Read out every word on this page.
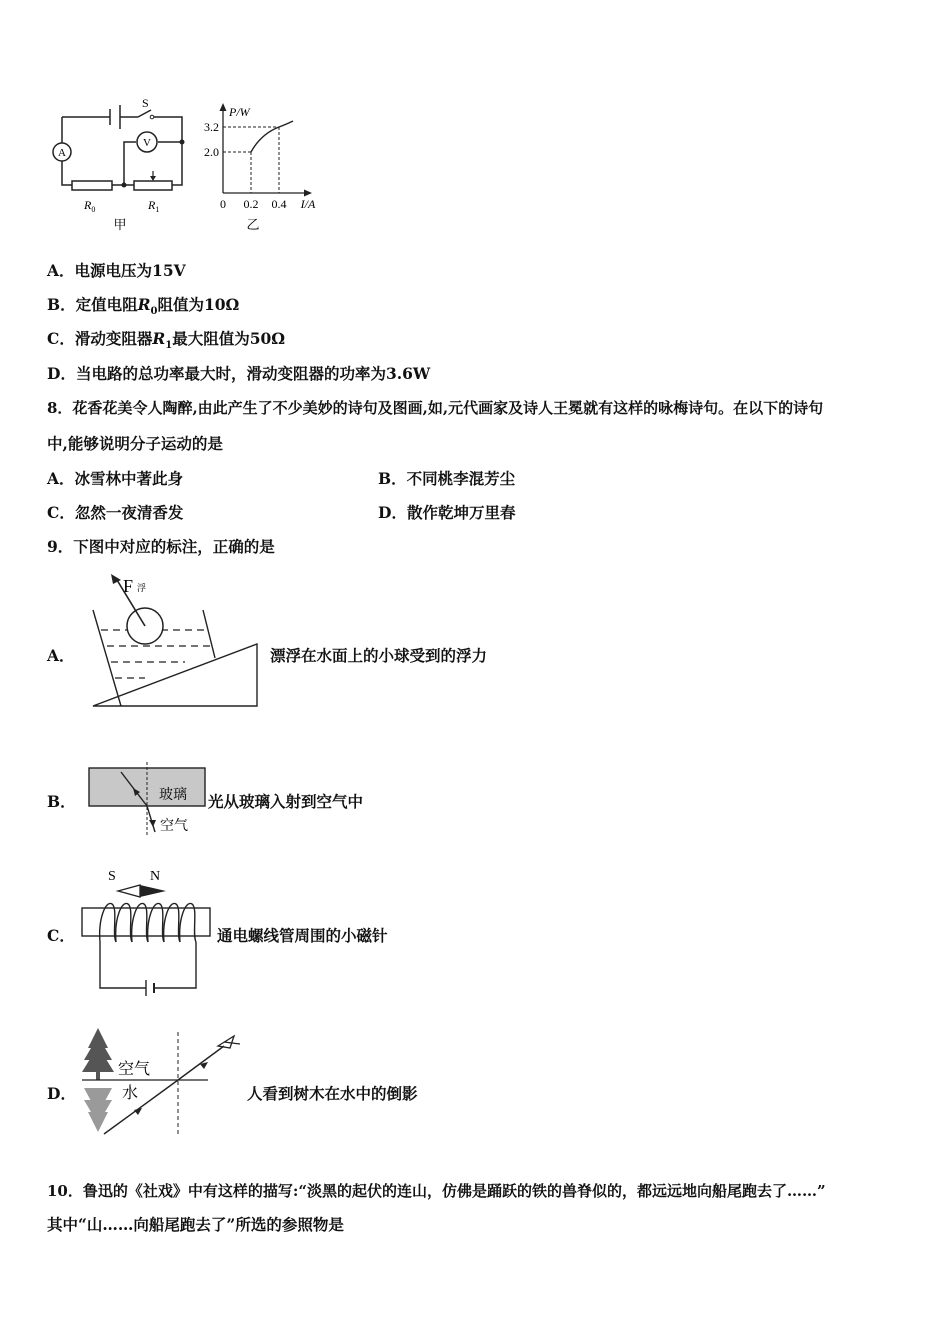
S
A
V
$R_0$	$R_1$
甲
P/W
3.2
2.0
0 0.2 0.4 I/A
乙
A．电源电压为15V
B．定值电阻$R_0$阻值为10Ω
C．滑动变阻器$R_1$最大阻值为50Ω
D．当电路的总功率最大时，滑动变阻器的功率为3.6W
8．花香花美令人陶醉,由此产生了不少美妙的诗句及图画,如,元代画家及诗人王冕就有这样的咏梅诗句。在以下的诗句
中,能够说明分子运动的是
A．冰雪林中著此身	B．不同桃李混芳尘
C．忽然一夜清香发	D．散作乾坤万里春
9．下图中对应的标注，正确的是
A．
F浮
漂浮在水面上的小球受到的浮力
B．	玻璃
空气
光从玻璃入射到空气中
C．
S N
通电螺线管周围的小磁针
D．
空气
水	人看到树木在水中的倒影
10．鲁迅的《社戏》中有这样的描写:“淡黑的起伏的连山，仿佛是踊跃的铁的兽脊似的，都远远地向船尾跑去了……”
其中“山……向船尾跑去了”所选的参照物是
